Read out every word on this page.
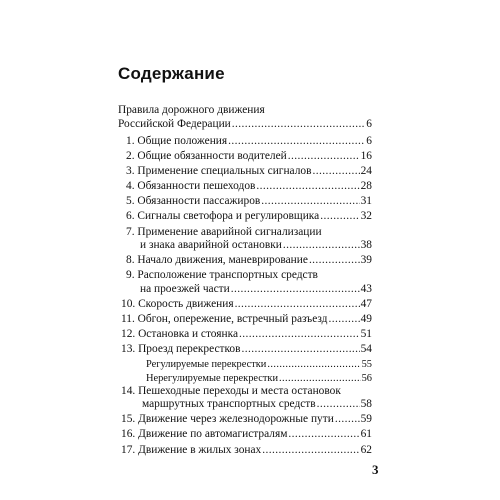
Содержание
Правила дорожного движения
Российской Федерации .....	6
1. Общие положения .....	6
2. Общие обязанности водителей .....	16
3. Применение специальных сигналов .....	24
4. Обязанности пешеходов .....	28
5. Обязанности пассажиров .....	31
6. Сигналы светофора и регулировщика .....	32
7. Применение аварийной сигнализации
и знака аварийной остановки .....	38
8. Начало движения, маневрирование .....	39
9. Расположение транспортных средств
на проезжей части .....	43
10. Скорость движения .....	47
11. Обгон, опережение, встречный разъезд .....	49
12. Остановка и стоянка .....	51
13. Проезд перекрестков .....	54
Регулируемые перекрестки .....	55
Нерегулируемые перекрестки .....	56
14. Пешеходные переходы и места остановок
маршрутных транспортных средств .....	58
15. Движение через железнодорожные пути ..... 59
16. Движение по автомагистралям .....	61
17. Движение в жилых зонах .....	62
3
